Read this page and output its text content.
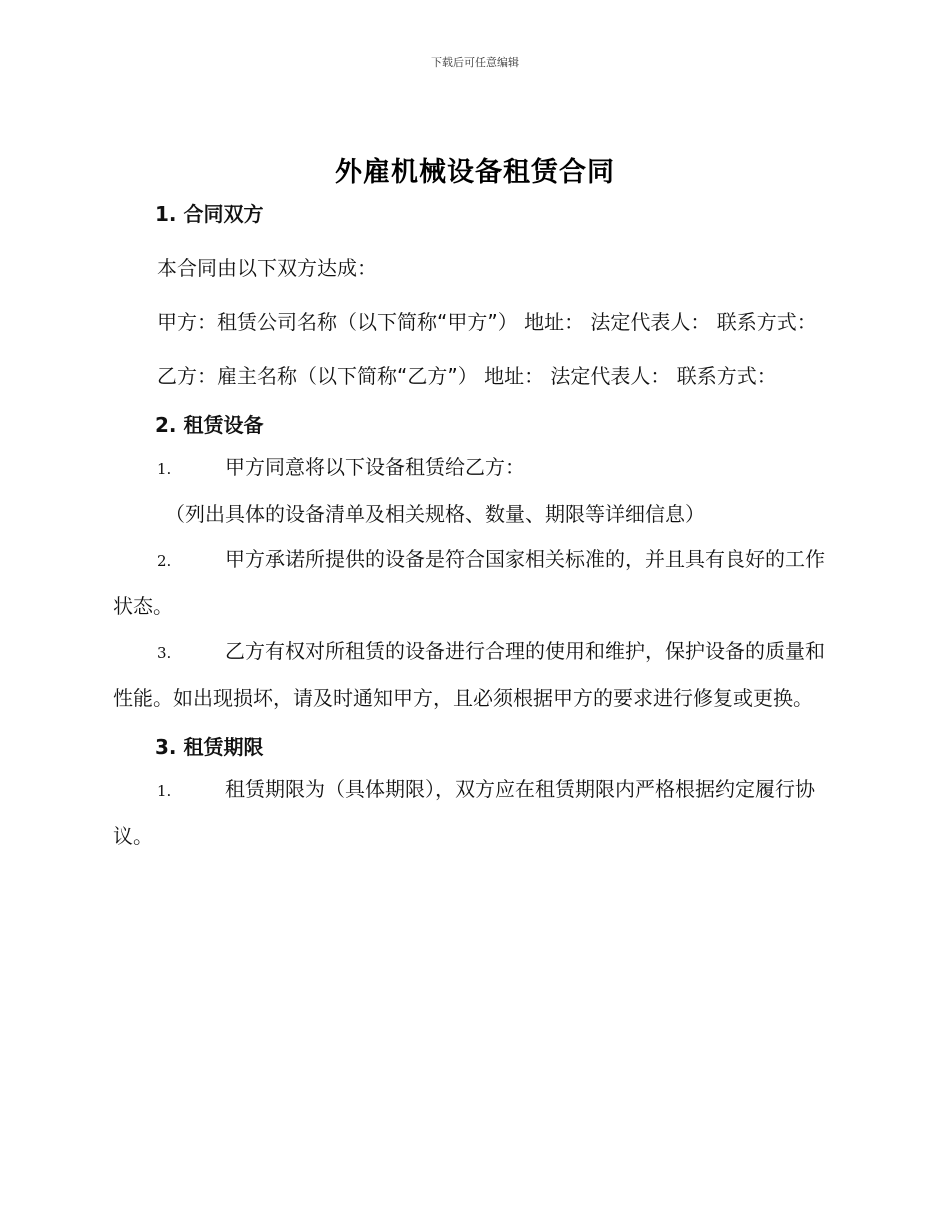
下载后可任意编辑
外雇机械设备租赁合同

1. 合同双方

本合同由以下双方达成：

甲方：租赁公司名称（以下简称“甲方”） 地址： 法定代表人： 联系方式：

乙方：雇主名称（以下简称“乙方”） 地址： 法定代表人： 联系方式：

2. 租赁设备

1.	甲方同意将以下设备租赁给乙方：

（列出具体的设备清单及相关规格、数量、期限等详细信息）

2.	甲方承诺所提供的设备是符合国家相关标准的，并且具有良好的工作状态。

3.	乙方有权对所租赁的设备进行合理的使用和维护，保护设备的质量和性能。如出现损坏，请及时通知甲方，且必须根据甲方的要求进行修复或更换。

3. 租赁期限

1.	租赁期限为（具体期限），双方应在租赁期限内严格根据约定履行协议。
